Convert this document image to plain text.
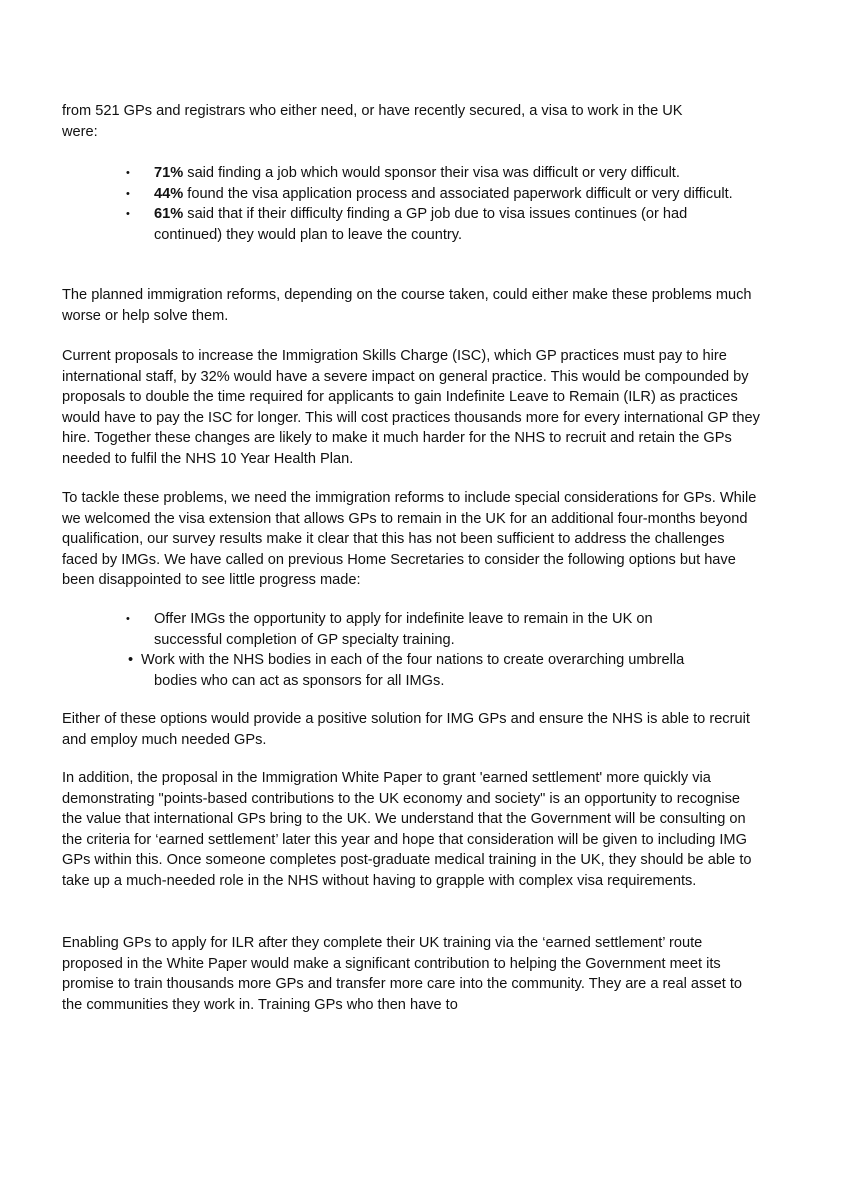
from 521 GPs and registrars who either need, or have recently secured, a visa to work in the UK
were:

• 71% said finding a job which would sponsor their visa was difficult or very difficult.
• 44% found the visa application process and associated paperwork difficult or very difficult.
• 61% said that if their difficulty finding a GP job due to visa issues continues (or had continued) they would plan to leave the country.

The planned immigration reforms, depending on the course taken, could either make these problems much worse or help solve them.

Current proposals to increase the Immigration Skills Charge (ISC), which GP practices must pay to hire international staff, by 32% would have a severe impact on general practice. This would be compounded by proposals to double the time required for applicants to gain Indefinite Leave to Remain (ILR) as practices would have to pay the ISC for longer. This will cost practices thousands more for every international GP they hire. Together these changes are likely to make it much harder for the NHS to recruit and retain the GPs needed to fulfil the NHS 10 Year Health Plan.

To tackle these problems, we need the immigration reforms to include special considerations for GPs. While we welcomed the visa extension that allows GPs to remain in the UK for an additional four-months beyond qualification, our survey results make it clear that this has not been sufficient to address the challenges faced by IMGs. We have called on previous Home Secretaries to consider the following options but have been disappointed to see little progress made:

• Offer IMGs the opportunity to apply for indefinite leave to remain in the UK on
successful completion of GP specialty training.
• Work with the NHS bodies in each of the four nations to create overarching umbrella
bodies who can act as sponsors for all IMGs.

Either of these options would provide a positive solution for IMG GPs and ensure the NHS is able to recruit and employ much needed GPs.

In addition, the proposal in the Immigration White Paper to grant 'earned settlement' more quickly via demonstrating "points-based contributions to the UK economy and society" is an opportunity to recognise the value that international GPs bring to the UK. We understand that the Government will be consulting on the criteria for ‘earned settlement’ later this year and hope that consideration will be given to including IMG GPs within this. Once someone completes post-graduate medical training in the UK, they should be able to take up a much-needed role in the NHS without having to grapple with complex visa requirements.

Enabling GPs to apply for ILR after they complete their UK training via the ‘earned settlement’ route proposed in the White Paper would make a significant contribution to helping the Government meet its promise to train thousands more GPs and transfer more care into the community. They are a real asset to the communities they work in. Training GPs who then have to
